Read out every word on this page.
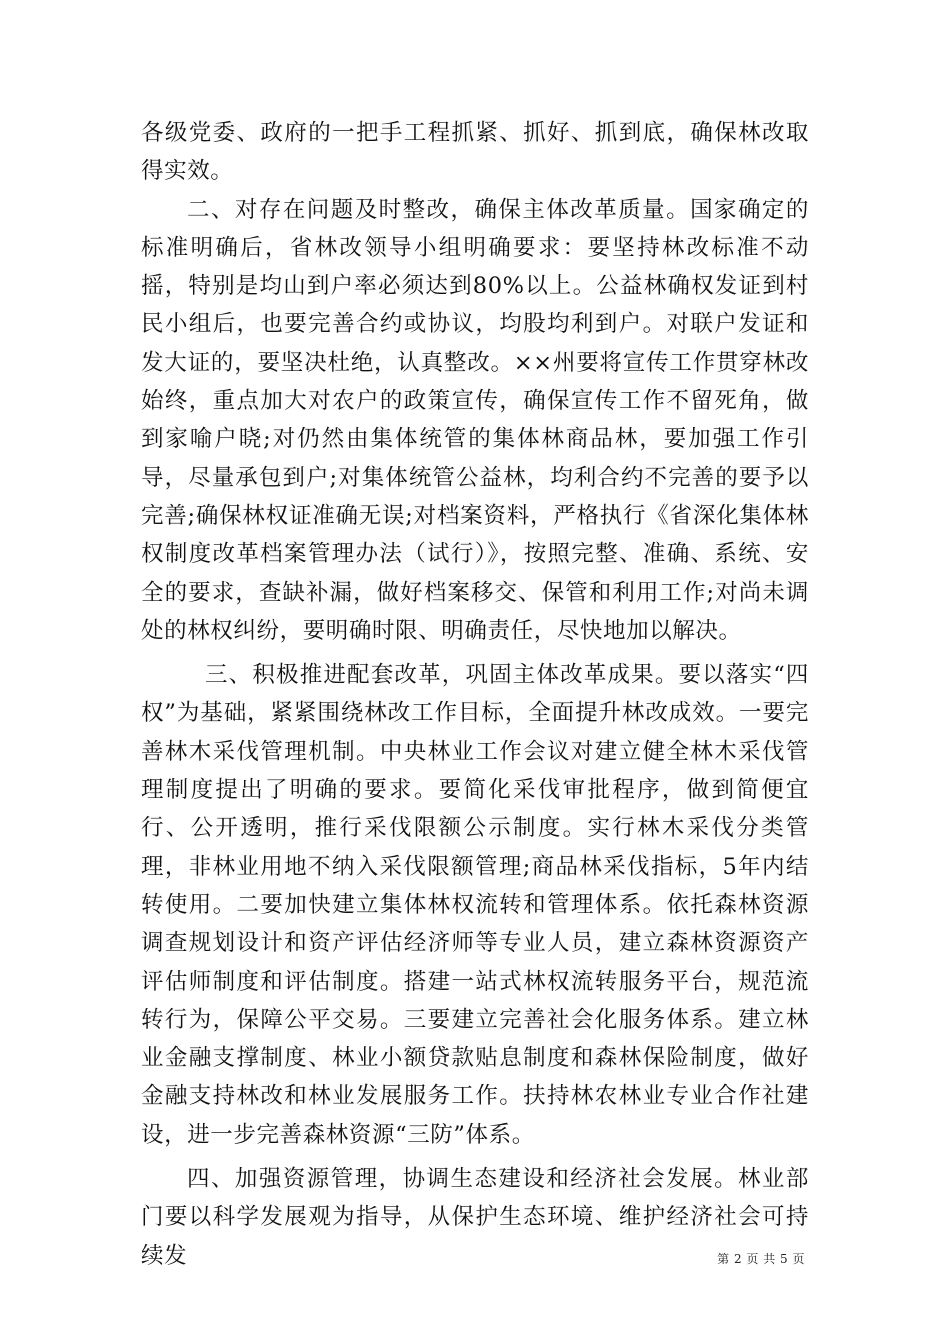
各级党委、政府的一把手工程抓紧、抓好、抓到底，确保林改取得实效。

二、对存在问题及时整改，确保主体改革质量。国家确定的标准明确后，省林改领导小组明确要求：要坚持林改标准不动摇，特别是均山到户率必须达到80%以上。公益林确权发证到村民小组后，也要完善合约或协议，均股均利到户。对联户发证和发大证的，要坚决杜绝，认真整改。××州要将宣传工作贯穿林改始终，重点加大对农户的政策宣传，确保宣传工作不留死角，做到家喻户晓;对仍然由集体统管的集体林商品林，要加强工作引导，尽量承包到户;对集体统管公益林，均利合约不完善的要予以完善;确保林权证准确无误;对档案资料，严格执行《省深化集体林权制度改革档案管理办法（试行）》，按照完整、准确、系统、安全的要求，查缺补漏，做好档案移交、保管和利用工作;对尚未调处的林权纠纷，要明确时限、明确责任，尽快地加以解决。

三、积极推进配套改革，巩固主体改革成果。要以落实“四权”为基础，紧紧围绕林改工作目标，全面提升林改成效。一要完善林木采伐管理机制。中央林业工作会议对建立健全林木采伐管理制度提出了明确的要求。要简化采伐审批程序，做到简便宜行、公开透明，推行采伐限额公示制度。实行林木采伐分类管理，非林业用地不纳入采伐限额管理;商品林采伐指标，5年内结转使用。二要加快建立集体林权流转和管理体系。依托森林资源调查规划设计和资产评估经济师等专业人员，建立森林资源资产评估师制度和评估制度。搭建一站式林权流转服务平台，规范流转行为，保障公平交易。三要建立完善社会化服务体系。建立林业金融支撑制度、林业小额贷款贴息制度和森林保险制度，做好金融支持林改和林业发展服务工作。扶持林农林业专业合作社建设，进一步完善森林资源“三防”体系。

四、加强资源管理，协调生态建设和经济社会发展。林业部门要以科学发展观为指导，从保护生态环境、维护经济社会可持续发	第 2 页 共 5 页
